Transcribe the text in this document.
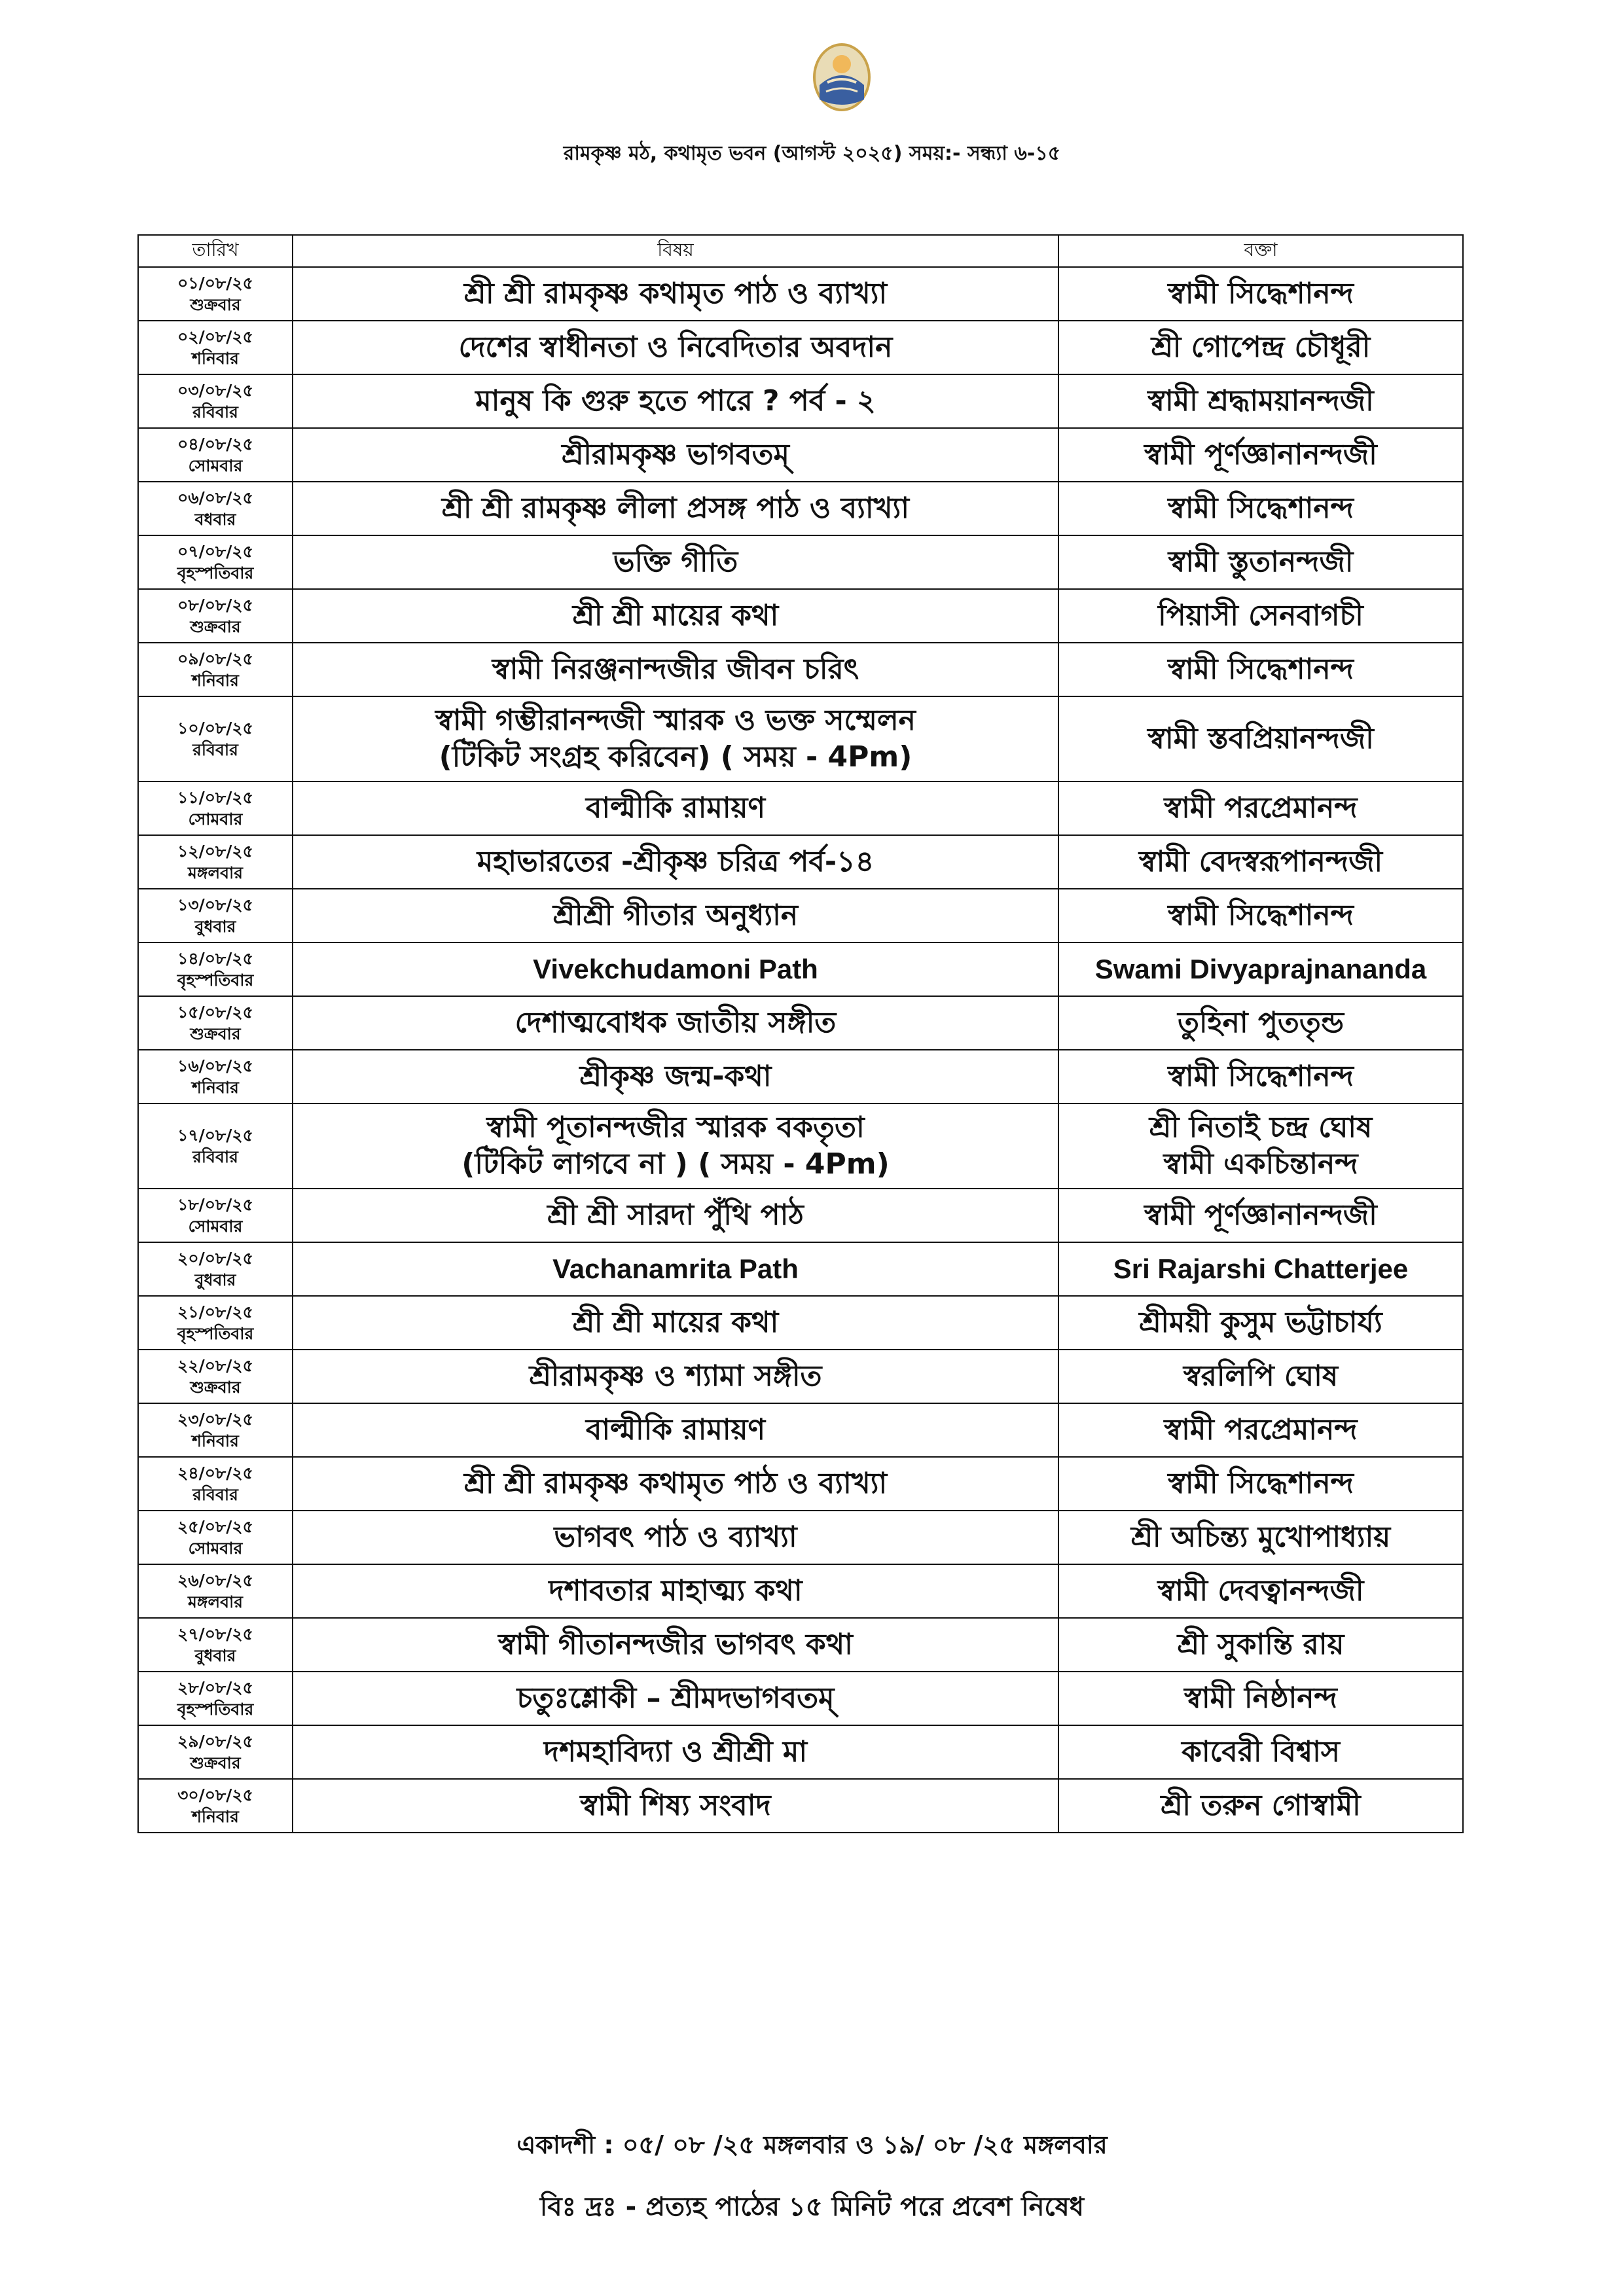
রামকৃষ্ণ মঠ, কথামৃত ভবন (আগস্ট ২০২৫) সময়:- সন্ধ্যা ৬-১৫
তারিখ	বিষয়	বক্তা

০১/০৮/২৫
শুক্রবার	শ্রী শ্রী রামকৃষ্ণ কথামৃত পাঠ ও ব্যাখ্যা	স্বামী সিদ্ধেশানন্দ

০২/০৮/২৫
শনিবার	দেশের স্বাধীনতা ও নিবেদিতার অবদান	শ্রী গোপেন্দ্র চৌধূরী

০৩/০৮/২৫
রবিবার	মানুষ কি গুরু হতে পারে ? পর্ব - ২	স্বামী শ্রদ্ধাময়ানন্দজী

০৪/০৮/২৫
সোমবার	শ্রীরামকৃষ্ণ ভাগবতম্	স্বামী পূর্ণজ্ঞানানন্দজী

০৬/০৮/২৫
বধবার	শ্রী শ্রী রামকৃষ্ণ লীলা প্রসঙ্গ পাঠ ও ব্যাখ্যা	স্বামী সিদ্ধেশানন্দ

০৭/০৮/২৫
বৃহস্পতিবার	ভক্তি গীতি	স্বামী স্তুতানন্দজী

০৮/০৮/২৫
শুক্রবার	শ্রী শ্রী মায়ের কথা	পিয়াসী সেনবাগচী

০৯/০৮/২৫
শনিবার	স্বামী নিরঞ্জনান্দজীর জীবন চরিৎ	স্বামী সিদ্ধেশানন্দ

১০/০৮/২৫
রবিবার	স্বামী গম্ভীরানন্দজী স্মারক ও ভক্ত সম্মেলন
(টিকিট সংগ্রহ করিবেন) ( সময় - 4Pm)	স্বামী স্তবপ্রিয়ানন্দজী

১১/০৮/২৫
সোমবার	বাল্মীকি রামায়ণ	স্বামী পরপ্রেমানন্দ

১২/০৮/২৫
মঙ্গলবার	মহাভারতের -শ্রীকৃষ্ণ চরিত্র পর্ব-১৪	স্বামী বেদস্বরূপানন্দজী

১৩/০৮/২৫
বুধবার	শ্রীশ্রী গীতার অনুধ্যান	স্বামী সিদ্ধেশানন্দ

১৪/০৮/২৫
বৃহস্পতিবার	Vivekchudamoni Path	Swami Divyaprajnananda

১৫/০৮/২৫
শুক্রবার	দেশাত্মবোধক জাতীয় সঙ্গীত	তুহিনা পুততৃন্ড

১৬/০৮/২৫
শনিবার	শ্রীকৃষ্ণ জন্ম-কথা	স্বামী সিদ্ধেশানন্দ

১৭/০৮/২৫
রবিবার	স্বামী পূতানন্দজীর স্মারক বকতৃতা
(টিকিট লাগবে না ) ( সময় - 4Pm)	শ্রী নিতাই চন্দ্র ঘোষ
স্বামী একচিন্তানন্দ

১৮/০৮/২৫
সোমবার	শ্রী শ্রী সারদা পুঁথি পাঠ	স্বামী পূর্ণজ্ঞানানন্দজী

২০/০৮/২৫
বুধবার	Vachanamrita Path	Sri Rajarshi Chatterjee

২১/০৮/২৫
বৃহস্পতিবার	শ্রী শ্রী মায়ের কথা	শ্রীময়ী কুসুম ভট্টাচার্য্য

২২/০৮/২৫
শুক্রবার	শ্রীরামকৃষ্ণ ও শ্যামা সঙ্গীত	স্বরলিপি ঘোষ

২৩/০৮/২৫
শনিবার	বাল্মীকি রামায়ণ	স্বামী পরপ্রেমানন্দ

২৪/০৮/২৫
রবিবার	শ্রী শ্রী রামকৃষ্ণ কথামৃত পাঠ ও ব্যাখ্যা	স্বামী সিদ্ধেশানন্দ

২৫/০৮/২৫
সোমবার	ভাগবৎ পাঠ ও ব্যাখ্যা	শ্রী অচিন্ত্য মুখোপাধ্যায়

২৬/০৮/২৫
মঙ্গলবার	দশাবতার মাহাত্ম্য কথা	স্বামী দেবত্বানন্দজী

২৭/০৮/২৫
বুধবার	স্বামী গীতানন্দজীর ভাগবৎ কথা	শ্রী সুকান্তি রায়

২৮/০৮/২৫
বৃহস্পতিবার	চতুঃশ্লোকী – শ্রীমদভাগবতম্	স্বামী নিষ্ঠানন্দ

২৯/০৮/২৫
শুক্রবার	দশমহাবিদ্যা ও শ্রীশ্রী মা	কাবেরী বিশ্বাস

৩০/০৮/২৫
শনিবার	স্বামী শিষ্য সংবাদ	শ্রী তরুন গোস্বামী
একাদশী : ০৫/ ০৮ /২৫ মঙ্গলবার ও ১৯/ ০৮ /২৫ মঙ্গলবার
বিঃ দ্রঃ - প্রত্যহ পাঠের ১৫ মিনিট পরে প্রবেশ নিষেধ
